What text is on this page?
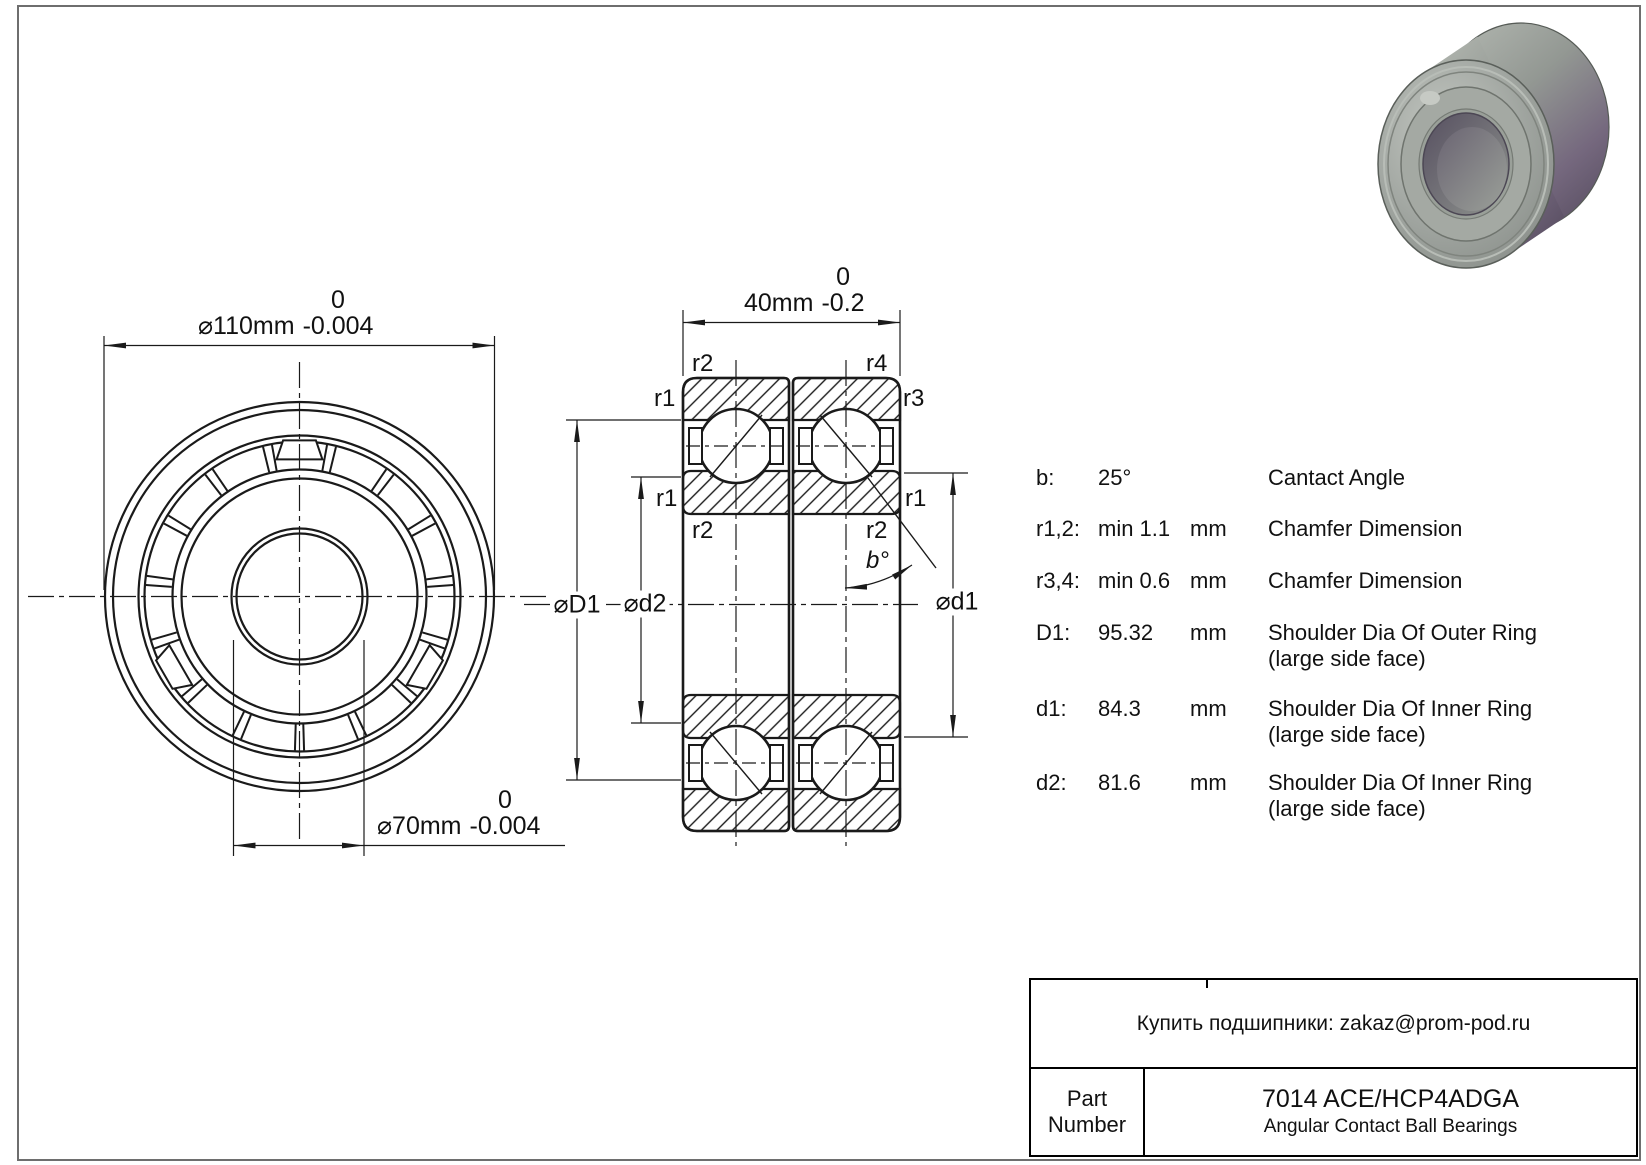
⌀110mm
0
-0.004
⌀70mm
0
-0.004
40mm
0
-0.2
r2	r4
r1	r3
r1	r1
r2	r2
b°
⌀D1 ⌀d2	⌀d1
b: 25°	Cantact Angle
r1,2: min 1.1 mm Chamfer Dimension
r3,4: min 0.6 mm Chamfer Dimension
D1: 95.32 mm Shoulder Dia Of Outer Ring
(large side face)
d1: 84.3 mm Shoulder Dia Of Inner Ring
(large side face)
d2: 81.6 mm Shoulder Dia Of Inner Ring
(large side face)
Купить подшипники: zakaz@prom-pod.ru
Part
Number
7014 ACE/HCP4ADGA
Angular Contact Ball Bearings
